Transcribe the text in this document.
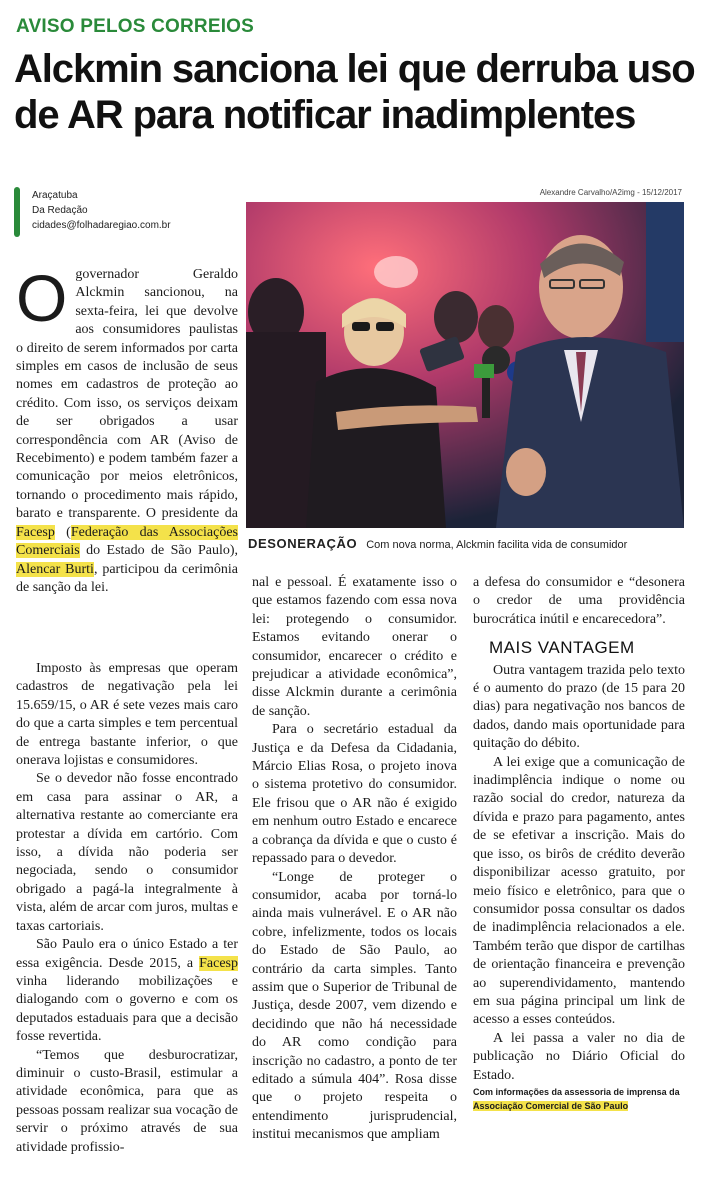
AVISO PELOS CORREIOS
Alckmin sanciona lei que derruba uso
de AR para notificar inadimplentes
Araçatuba
Da Redação
cidades@folhadaregiao.com.br
Alexandre Carvalho/A2img - 15/12/2017
DESONERAÇÃO Com nova norma, Alckmin facilita vida de consumidor

Ogovernador Geraldo Alckmin sancionou, na sexta-feira, lei que devolve aos consumidores paulistas o direito de serem informados por carta simples em casos de inclusão de seus nomes em cadastros de proteção ao crédito. Com isso, os serviços deixam de ser obrigados a usar correspondência com AR (Aviso de Recebimento) e podem também fazer a comunicação por meios eletrônicos, tornando o procedimento mais rápido, barato e transparente. O presidente da Facesp (Federação das Associações Comerciais do Estado de São Paulo), Alencar Burti, participou da cerimônia de sanção da lei.

Imposto às empresas que operam cadastros de negativação pela lei 15.659/15, o AR é sete vezes mais caro do que a carta simples e tem percentual de entrega bastante inferior, o que onerava lojistas e consumidores.

Se o devedor não fosse encontrado em casa para assinar o AR, a alternativa restante ao comerciante era protestar a dívida em cartório. Com isso, a dívida não poderia ser negociada, sendo o consumidor obrigado a pagá-la integralmente à vista, além de arcar com juros, multas e taxas cartoriais.

São Paulo era o único Estado a ter essa exigência. Desde 2015, a Facesp vinha liderando mobilizações e dialogando com o governo e com os deputados estaduais para que a decisão fosse revertida.

“Temos que desburocratizar, diminuir o custo-Brasil, estimular a atividade econômica, para que as pessoas possam realizar sua vocação de servir o próximo através de sua atividade profissio-

nal e pessoal. É exatamente isso o que estamos fazendo com essa nova lei: protegendo o consumidor. Estamos evitando onerar o consumidor, encarecer o crédito e prejudicar a atividade econômica”, disse Alckmin durante a cerimônia de sanção.

Para o secretário estadual da Justiça e da Defesa da Cidadania, Márcio Elias Rosa, o projeto inova o sistema protetivo do consumidor. Ele frisou que o AR não é exigido em nenhum outro Estado e encarece a cobrança da dívida e que o custo é repassado para o devedor.

“Longe de proteger o consumidor, acaba por torná-lo ainda mais vulnerável. E o AR não cobre, infelizmente, todos os locais do Estado de São Paulo, ao contrário da carta simples. Tanto assim que o Superior de Tribunal de Justiça, desde 2007, vem dizendo e decidindo que não há necessidade do AR como condição para inscrição no cadastro, a ponto de ter editado a súmula 404”. Rosa disse que o projeto respeita o entendimento jurisprudencial, institui mecanismos que ampliam

a defesa do consumidor e “desonera o credor de uma providência burocrática inútil e encarecedora”.

MAIS VANTAGEM

Outra vantagem trazida pelo texto é o aumento do prazo (de 15 para 20 dias) para negativação nos bancos de dados, dando mais oportunidade para quitação do débito.

A lei exige que a comunicação de inadimplência indique o nome ou razão social do credor, natureza da dívida e prazo para pagamento, antes de se efetivar a inscrição. Mais do que isso, os birôs de crédito deverão disponibilizar acesso gratuito, por meio físico e eletrônico, para que o consumidor possa consultar os dados de inadimplência relacionados a ele. Também terão que dispor de cartilhas de orientação financeira e prevenção ao superendividamento, mantendo em sua página principal um link de acesso a esses conteúdos.

A lei passa a valer no dia de publicação no Diário Oficial do Estado.

Com informações da assessoria de imprensa da Associação Comercial de São Paulo
